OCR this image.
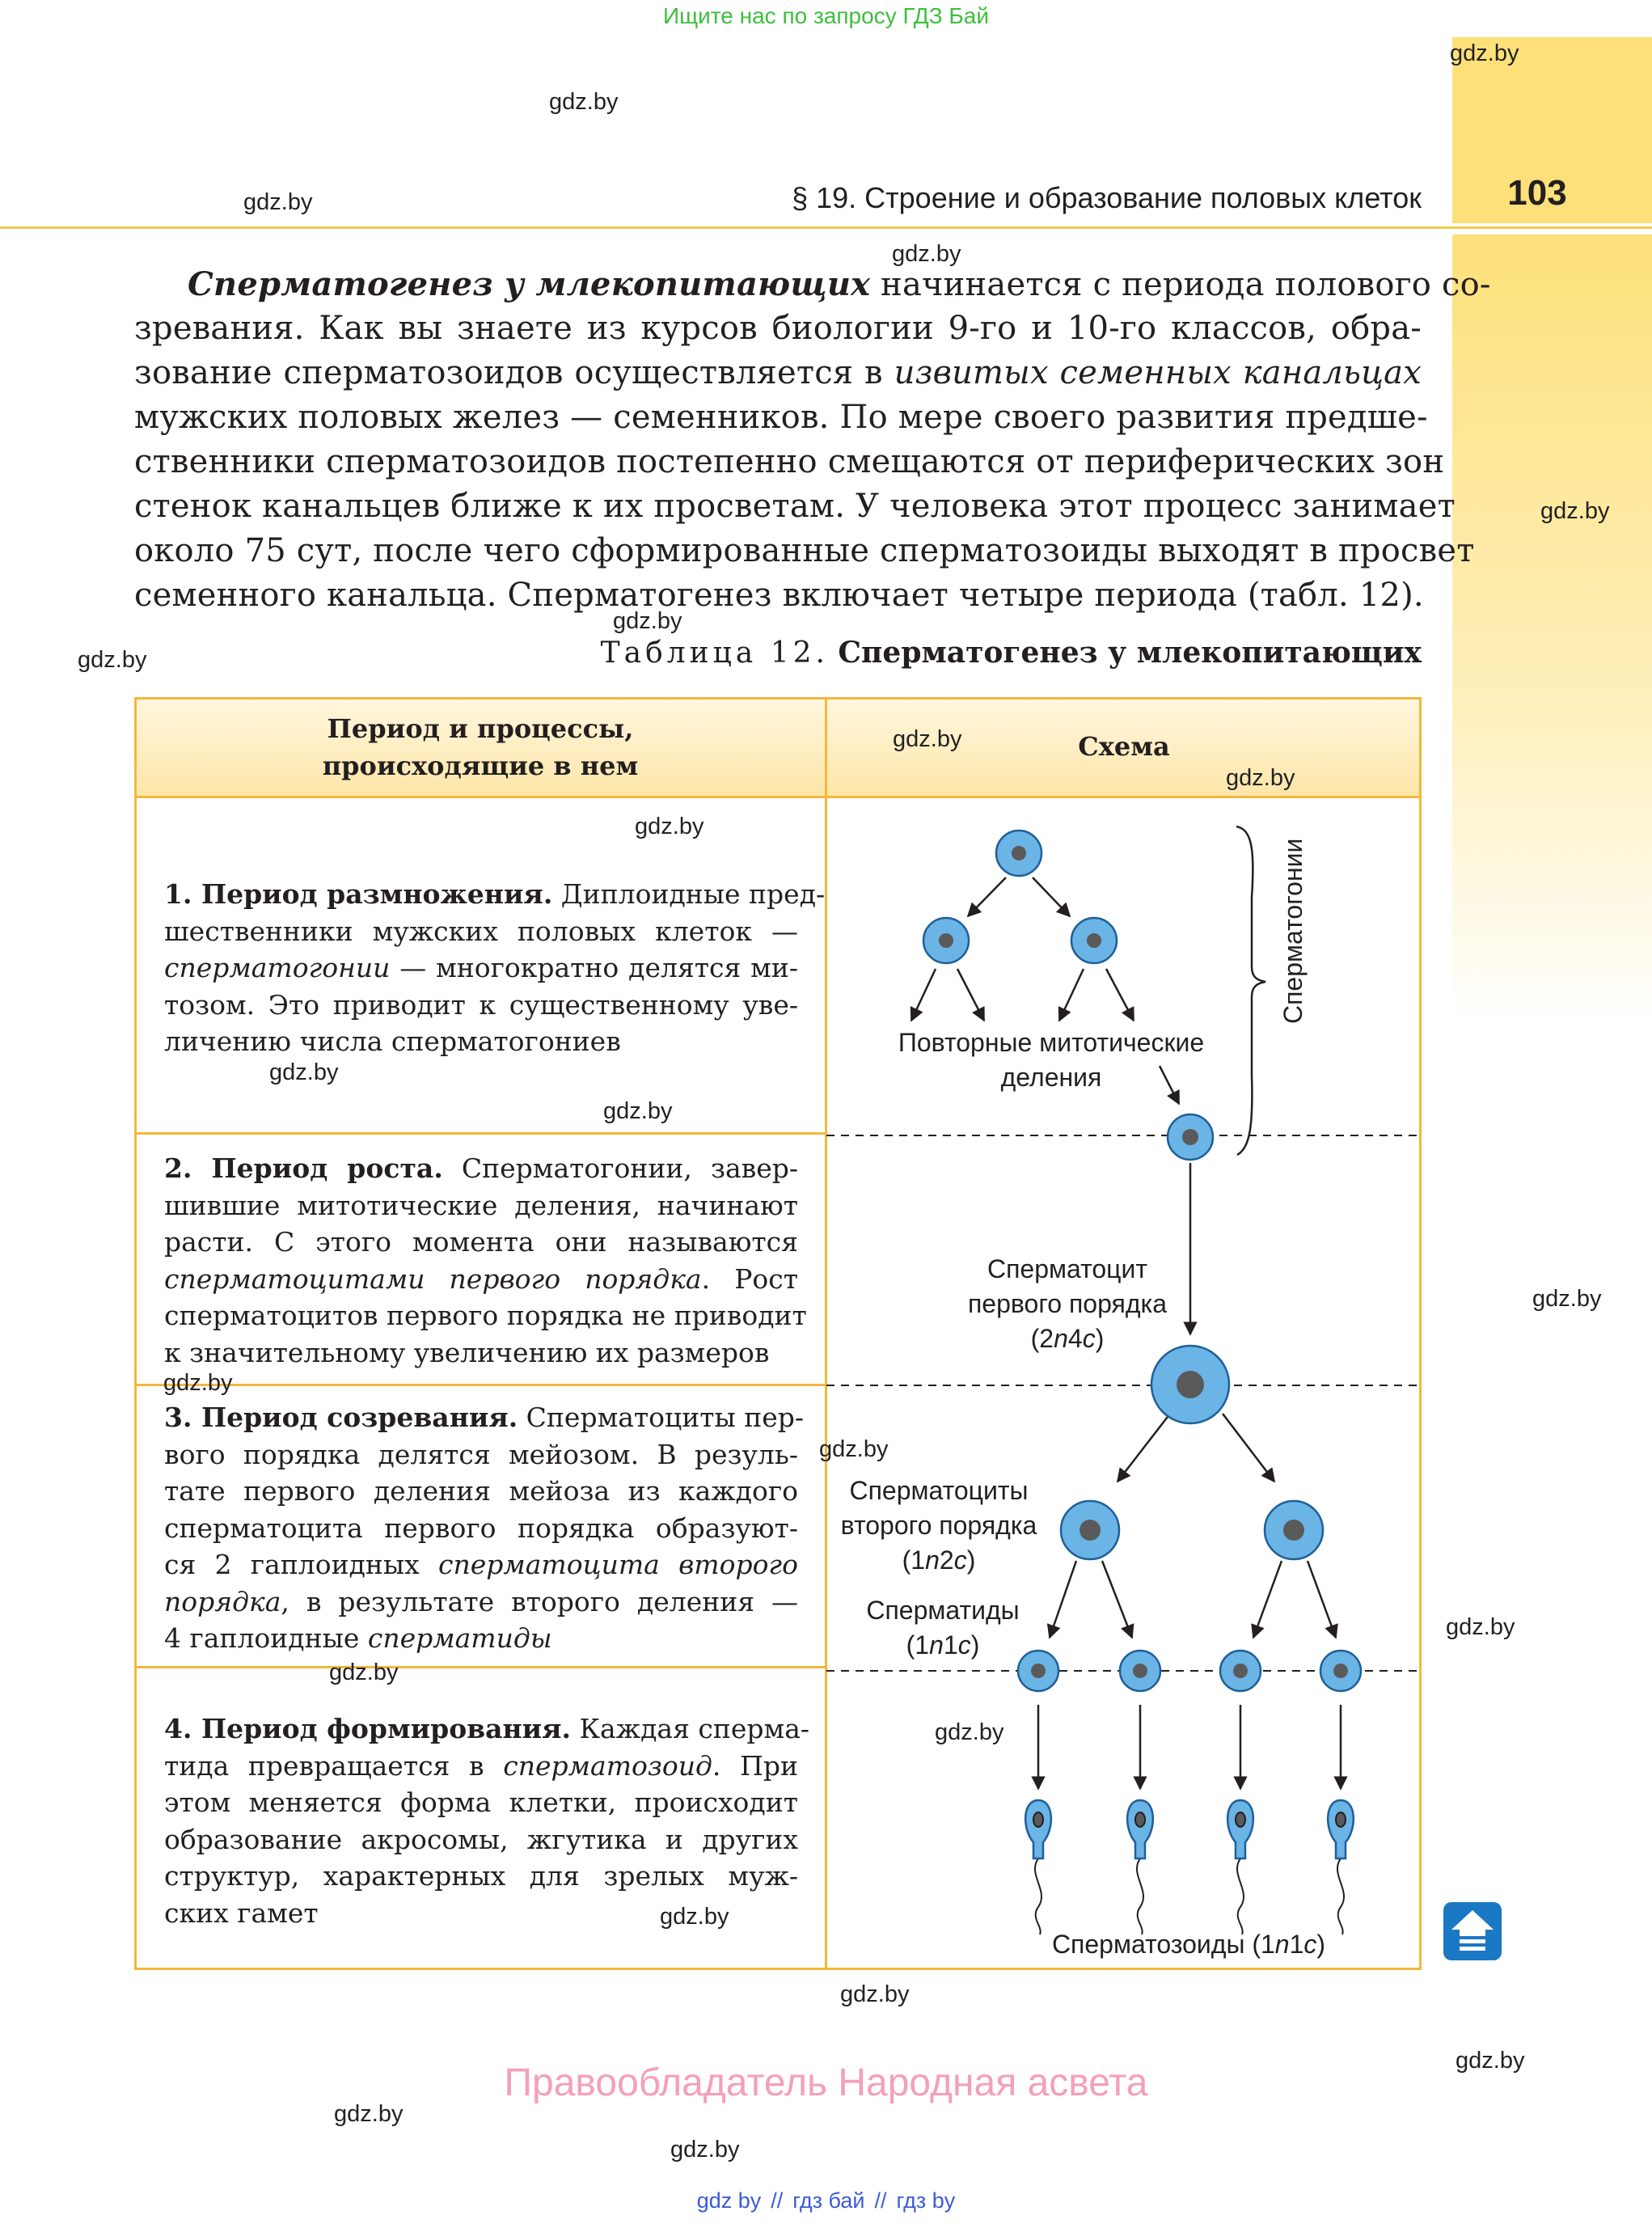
Ищите нас по запросу ГДЗ Бай
103
§ 19. Строение и образование половых клеток
Сперматогенез у млекопитающих начинается с периода полового со-
зревания. Как вы знаете из курсов биологии 9-го и 10-го классов, обра-
зование сперматозоидов осуществляется в извитых семенных канальцах
мужских половых желез — семенников. По мере своего развития предше-
ственники сперматозоидов постепенно смещаются от периферических зон
стенок канальцев ближе к их просветам. У человека этот процесс занимает
около 75 сут, после чего сформированные сперматозоиды выходят в просвет
семенного канальца. Сперматогенез включает четыре периода (табл. 12).
Таблица 12. Сперматогенез у млекопитающих
Период и процессы,
происходящие в нем
Схема
1. Период размножения. Диплоидные пред-
шественники мужских половых клеток —
сперматогонии — многократно делятся ми-
тозом. Это приводит к существенному уве-
личению числа сперматогониев
2. Период роста. Сперматогонии, завер-
шившие митотические деления, начинают
расти. С этого момента они называются
сперматоцитами первого порядка. Рост
сперматоцитов первого порядка не приводит
к значительному увеличению их размеров
3. Период созревания. Сперматоциты пер-
вого порядка делятся мейозом. В резуль-
тате первого деления мейоза из каждого
сперматоцита первого порядка образуют-
ся 2 гаплоидных сперматоцита второго
порядка, в результате второго деления —
4 гаплоидные сперматиды
4. Период формирования. Каждая сперма-
тида превращается в сперматозоид. При
этом меняется форма клетки, происходит
образование акросомы, жгутика и других
структур, характерных для зрелых муж-
ских гамет
Повторные митотические
деления
Сперматогонии
Сперматоцит
первого порядка
(2n4c)
Сперматоциты
второго порядка
(1n2c)
Сперматиды
(1n1c)
Сперматозоиды (1n1c)
gdz.by
gdz.by
gdz.by
gdz.by
gdz.by
gdz.by
gdz.by
gdz.by
gdz.by
gdz.by
gdz.by
gdz.by
gdz.by
gdz.by
gdz.by
gdz.by
gdz.by
gdz.by
gdz.by
gdz.by
gdz.by
gdz.by
gdz.by
Правообладатель Народная асвета
gdz by // гдз бай // гдз by
